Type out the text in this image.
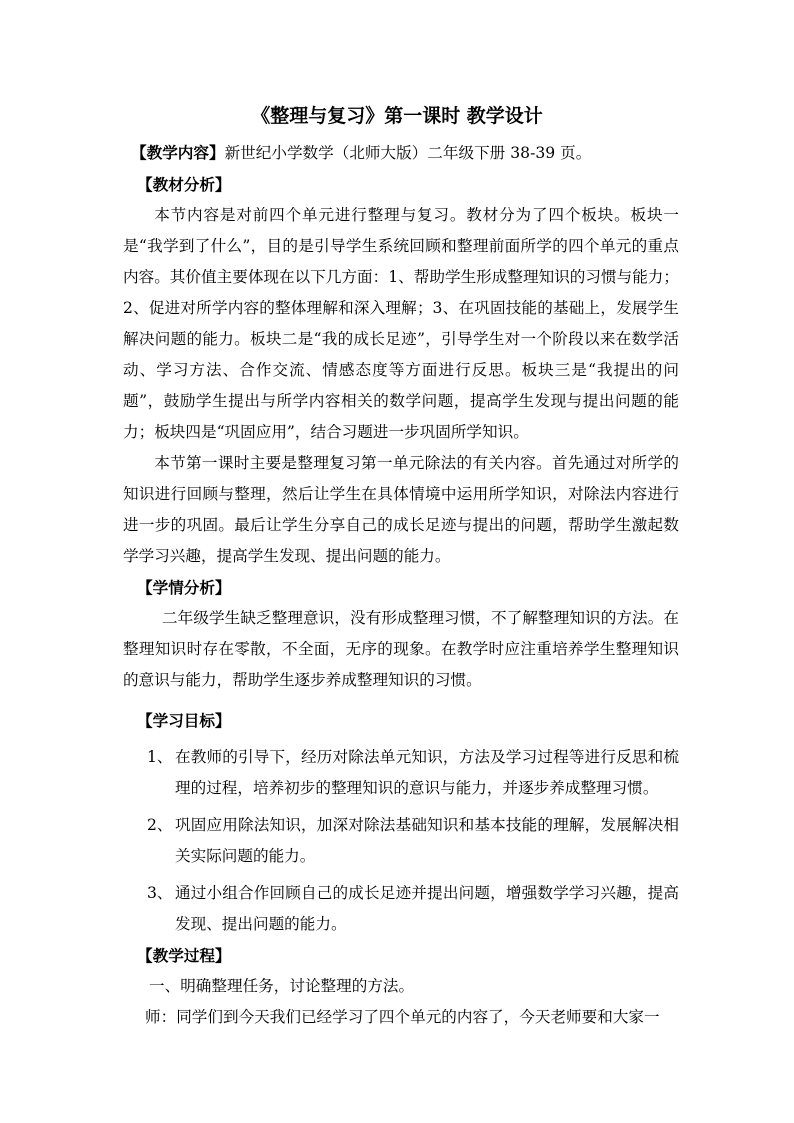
《整理与复习》第一课时 教学设计

【教学内容】新世纪小学数学（北师大版）二年级下册 38-39 页。

【教材分析】

本节内容是对前四个单元进行整理与复习。教材分为了四个板块。板块一是“我学到了什么”，目的是引导学生系统回顾和整理前面所学的四个单元的重点内容。其价值主要体现在以下几方面：1、帮助学生形成整理知识的习惯与能力；2、促进对所学内容的整体理解和深入理解；3、在巩固技能的基础上，发展学生解决问题的能力。板块二是“我的成长足迹”，引导学生对一个阶段以来在数学活动、学习方法、合作交流、情感态度等方面进行反思。板块三是“我提出的问题”，鼓励学生提出与所学内容相关的数学问题，提高学生发现与提出问题的能力；板块四是“巩固应用”，结合习题进一步巩固所学知识。

本节第一课时主要是整理复习第一单元除法的有关内容。首先通过对所学的知识进行回顾与整理，然后让学生在具体情境中运用所学知识，对除法内容进行进一步的巩固。最后让学生分享自己的成长足迹与提出的问题，帮助学生激起数学学习兴趣，提高学生发现、提出问题的能力。

【学情分析】

二年级学生缺乏整理意识，没有形成整理习惯，不了解整理知识的方法。在整理知识时存在零散，不全面，无序的现象。在教学时应注重培养学生整理知识的意识与能力，帮助学生逐步养成整理知识的习惯。

【学习目标】

1、 在教师的引导下，经历对除法单元知识，方法及学习过程等进行反思和梳理的过程，培养初步的整理知识的意识与能力，并逐步养成整理习惯。
2、 巩固应用除法知识，加深对除法基础知识和基本技能的理解，发展解决相关实际问题的能力。
3、 通过小组合作回顾自己的成长足迹并提出问题，增强数学学习兴趣，提高发现、提出问题的能力。

【教学过程】

一、明确整理任务，讨论整理的方法。

师：同学们到今天我们已经学习了四个单元的内容了，今天老师要和大家一
